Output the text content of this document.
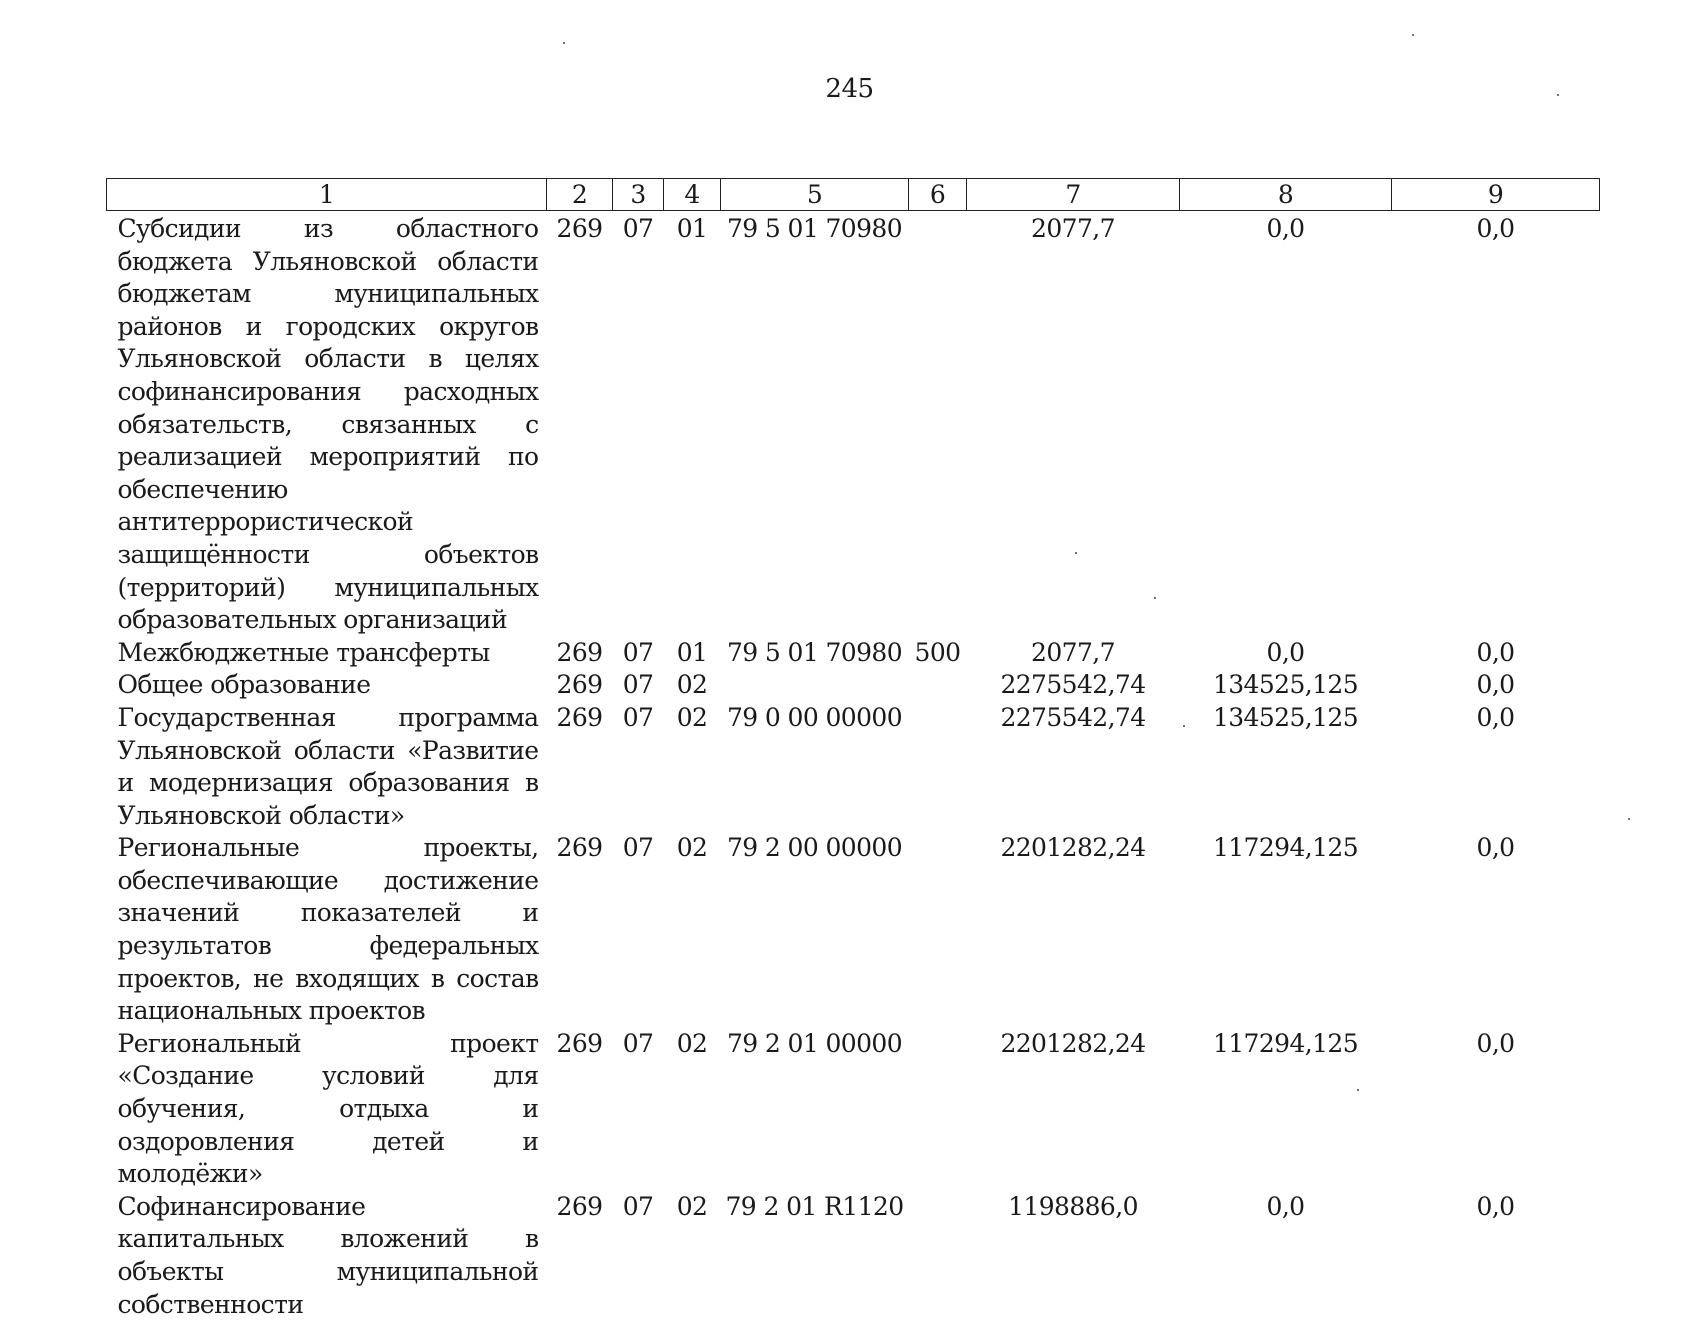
245
1	2	3	4	5	6	7	8	9
Субсидии из областного бюджета Ульяновской области бюджетам муниципальных районов и городских округов Ульяновской области в целях софинансирования расходных обязательств, связанных с реализацией мероприятий по обеспечению антитеррористической защищённости объектов (территорий) муниципальных образовательных организаций	269	07	01	79 5 01 70980		2077,7	0,0	0,0
Межбюджетные трансферты	269	07	01	79 5 01 70980	500	2077,7	0,0	0,0
Общее образование	269	07	02			2275542,74	134525,125	0,0
Государственная программа Ульяновской области «Развитие и модернизация образования в Ульяновской области»	269	07	02	79 0 00 00000		2275542,74	134525,125	0,0
Региональные проекты, обеспечивающие достижение значений показателей и результатов федеральных проектов, не входящих в состав национальных проектов	269	07	02	79 2 00 00000		2201282,24	117294,125	0,0
Региональный проект «Создание условий для обучения, отдыха и оздоровления детей и молодёжи»	269	07	02	79 2 01 00000		2201282,24	117294,125	0,0
Софинансирование капитальных вложений в объекты муниципальной собственности	269	07	02	79 2 01 R1120		1198886,0	0,0	0,0
